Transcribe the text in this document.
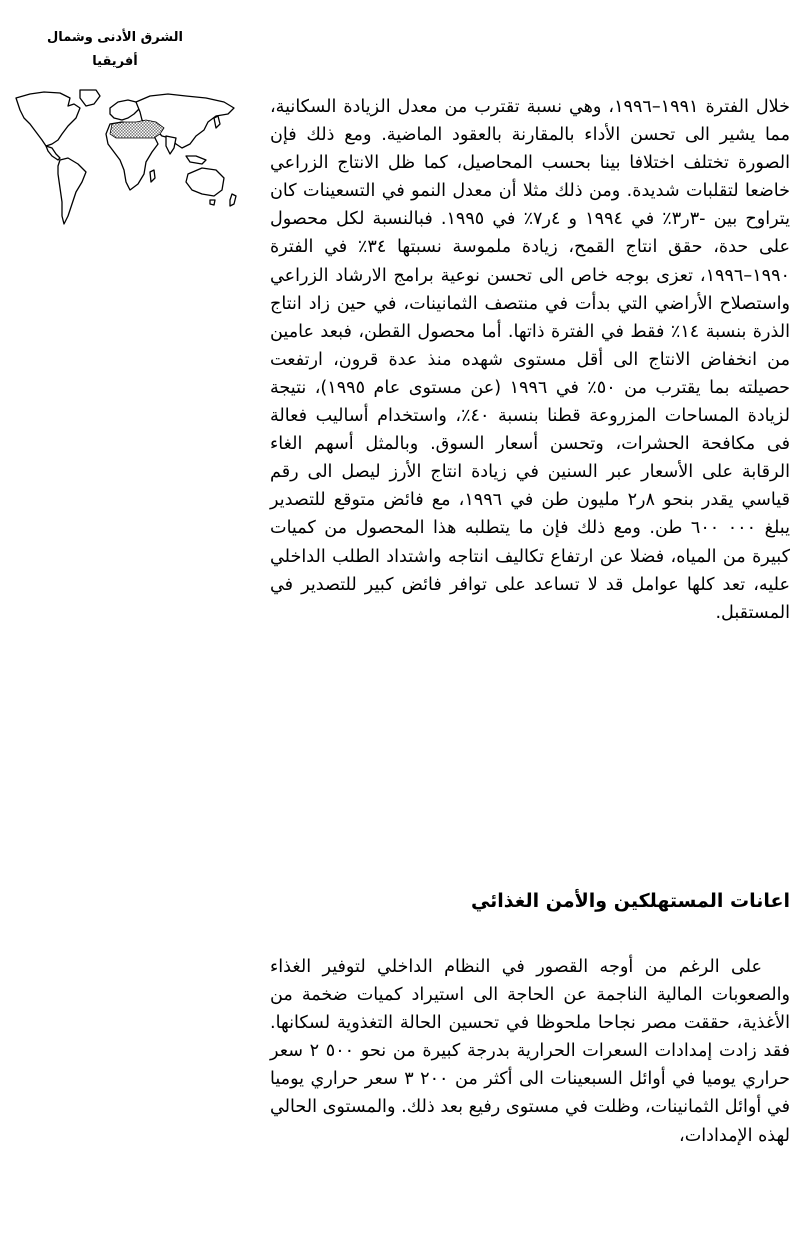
الشرق الأدنى وشمال
أفريقيا

خلال الفترة ١٩٩١–١٩٩٦، وهي نسبة تقترب من معدل الزيادة السكانية، مما يشير الى تحسن الأداء بالمقارنة بالعقود الماضية. ومع ذلك فإن الصورة تختلف اختلافا بينا بحسب المحاصيل، كما ظل الانتاج الزراعي خاضعا لتقلبات شديدة. ومن ذلك مثلا أن معدل النمو في التسعينات كان يتراوح بين -٣ر٣٪ في ١٩٩٤ و ٤ر٧٪ في ١٩٩٥. فبالنسبة لكل محصول على حدة، حقق انتاج القمح، زيادة ملموسة نسبتها ٣٤٪ في الفترة ١٩٩٠–١٩٩٦، تعزى بوجه خاص الى تحسن نوعية برامج الارشاد الزراعي واستصلاح الأراضي التي بدأت في منتصف الثمانينات، في حين زاد انتاج الذرة بنسبة ١٤٪ فقط في الفترة ذاتها. أما محصول القطن، فبعد عامين من انخفاض الانتاج الى أقل مستوى شهده منذ عدة قرون، ارتفعت حصيلته بما يقترب من ٥٠٪ في ١٩٩٦ (عن مستوى عام ١٩٩٥)، نتيجة لزيادة المساحات المزروعة قطنا بنسبة ٤٠٪، واستخدام أساليب فعالة فى مكافحة الحشرات، وتحسن أسعار السوق. وبالمثل أسهم الغاء الرقابة على الأسعار عبر السنين في زيادة انتاج الأرز ليصل الى رقم قياسي يقدر بنحو ٨ر٢ مليون طن في ١٩٩٦، مع فائض متوقع للتصدير يبلغ ٠٠٠ ٦٠٠ طن. ومع ذلك فإن ما يتطلبه هذا المحصول من كميات كبيرة من المياه، فضلا عن ارتفاع تكاليف انتاجه واشتداد الطلب الداخلي عليه، تعد كلها عوامل قد لا تساعد على توافر فائض كبير للتصدير في المستقبل.

اعانات المستهلكين والأمن الغذائي

على الرغم من أوجه القصور في النظام الداخلي لتوفير الغذاء والصعوبات المالية الناجمة عن الحاجة الى استيراد كميات ضخمة من الأغذية، حققت مصر نجاحا ملحوظا في تحسين الحالة التغذوية لسكانها. فقد زادت إمدادات السعرات الحرارية بدرجة كبيرة من نحو ٥٠٠ ٢ سعر حراري يوميا في أوائل السبعينات الى أكثر من ٢٠٠ ٣ سعر حراري يوميا في أوائل الثمانينات، وظلت في مستوى رفيع بعد ذلك. والمستوى الحالي لهذه الإمدادات،
